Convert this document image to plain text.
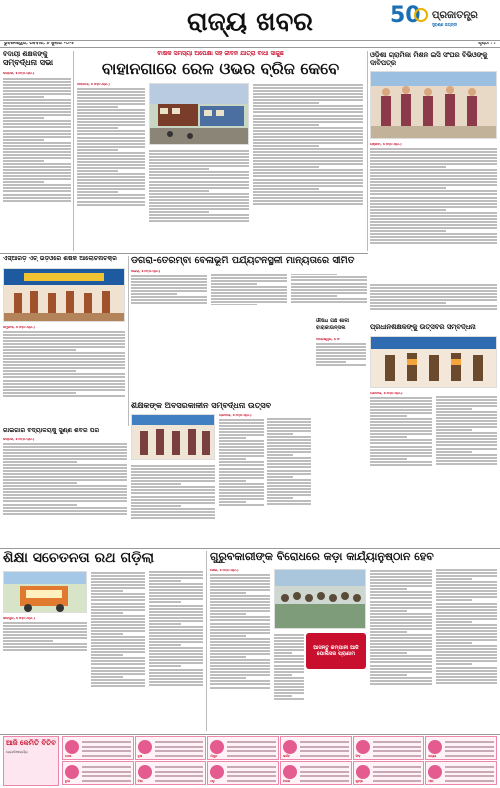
ରାଜ୍ୟ ଖବର	50 ପ୍ରଜାତନ୍ତ୍ର
ସୁବର୍ଣ୍ଣ ଜୟନ୍ତୀ
ଭୁବନେଶ୍ୱର, ରବିବାର, ୬ ଜୁଲାଇ ୨୦୨୫	ପୃଷ୍ଠା : ୯
ବିଦାୟୀ ଶିକ୍ଷକଙ୍କୁ
ସମ୍ବର୍ଦ୍ଧନା ସଭା
ଭଦ୍ରକ, ୫।୭(ନି.ପ୍ର.)
ବାର୍ଷିକ ସମସ୍ୟା ଅପେକ୍ଷା ସହ ଜୀବନ ଯାତ୍ରା ବାଧା ସାଜୁଛି
ବାହାନଗାରେ ରେଳ ଓଭର ବ୍ରିଜ କେବେ
ବାହାନଗା, ୫।୭(ନି.ପ୍ର.)
ଓଡ଼ିଶା ଗ୍ରାମିକା ମିଶନ ଇସି ସଂଘର ବିଭିଓଙ୍କୁ ଦାବିପତ୍ର
ଗଞ୍ଜାମ, ୫।୭(ନି.ପ୍ର.)
ଏସ୍‌ଆରଡ଼ି ଏଚ୍‌ ଭିଡ଼ିଓରେ ଶର୍ଷିକ ଆଲୋଚନାଚକ୍ର
ସିମୁଳିଆ, ୫।୭(ନି.ପ୍ର.)
ଡଗରା-ତେରମ୍ବା ବେଳାଭୂମି ପର୍ଯ୍ୟଟନସ୍ଥଳୀ ମାନ୍ୟତାରେ ସୀମିତ
ଖଇରା, ୫।୭(ନି.ପ୍ର.)
ଔଷଧ ଗଛ ଶାଳୀ ବାରାକାଉନ୍ସଲ
ବାଲେଶ୍ୱର, ୫।୭
ପ୍ରଧାନଶିକ୍ଷକଙ୍କୁ ଉତ୍ସବର ସମ୍ବର୍ଦ୍ଧନା
ଚାନ୍ଦବାଲି, ୫।୭(ନି.ପ୍ର.)
ଗାଇଗାରି ବିଦ୍ୟାଳୟକୁ ସୁର୍ଣ୍ଣ ଶିବିର ପରି
ଭଦ୍ରକ, ୫।୭(ନି.ପ୍ର.)
ଶିକ୍ଷକଙ୍କ ଅବସରକାଳୀନ ସମ୍ବର୍ଦ୍ଧନା ଉତ୍ସବ
ଚାନ୍ଦବାଲି, ୫।୭(ନି.ପ୍ର.)
ଶିକ୍ଷା ସଚେତନତା ରଥ ଗଡ଼ିଲା
ଜାଜପୁର, ୫।୭(ନି.ପ୍ର.)
ଗୁରୁବକାରୀଙ୍କ ବିରୋଧରେ କଡ଼ା କାର୍ଯ୍ୟାନୁଷ୍ଠାନ ହେବ
ସୋର, ୫।୭(ନି.ପ୍ର.)
ଆସନ୍ତୁ କମ୍ପାନୀ ଆଜି ପୋଲିସର ପ୍ରାଣାମ
ଆଜି କେମିତି ବିତିବ
ଜ୍ୟୋତିଷାଚାର୍ଯ୍ୟ
ମେଷ	ବୃଷ	ମିଥୁନ	କର୍କଟ	ସିଂହ	କନ୍ୟା
ତୁଳା	ବିଛା	ଧନୁ	ମକର	କୁମ୍ଭ	ମୀନ
